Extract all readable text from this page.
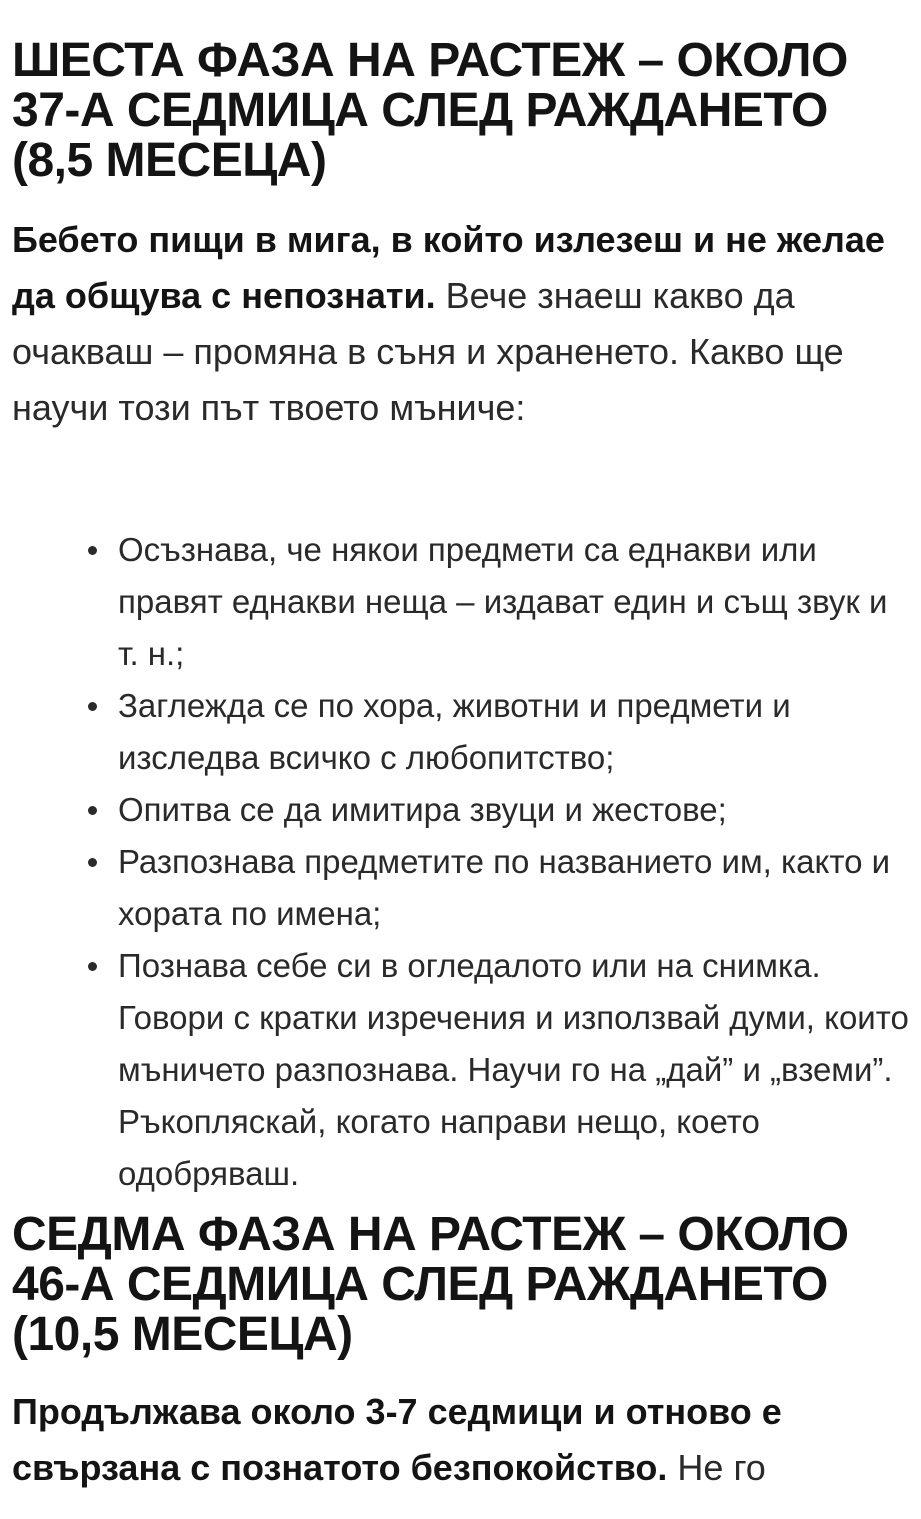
ШЕСТА ФАЗА НА РАСТЕЖ – ОКОЛО 37-А СЕДМИЦА СЛЕД РАЖДАНЕТО (8,5 МЕСЕЦА)

Бебето пищи в мига, в който излезеш и не желае да общува с непознати. Вече знаеш какво да очакваш – промяна в съня и храненето. Какво ще научи този път твоето мъниче:

Осъзнава, че някои предмети са еднакви или правят еднакви неща – издават един и същ звук и т. н.;
Заглежда се по хора, животни и предмети и изследва всичко с любопитство;
Опитва се да имитира звуци и жестове;
Разпознава предметите по названието им, както и хората по имена;
Познава себе си в огледалото или на снимка. Говори с кратки изречения и използвай думи, които мъничето разпознава. Научи го на „дай” и „вземи”. Ръкопляскай, когато направи нещо, което одобряваш.
СЕДМА ФАЗА НА РАСТЕЖ – ОКОЛО 46-А СЕДМИЦА СЛЕД РАЖДАНЕТО (10,5 МЕСЕЦА)

Продължава около 3-7 седмици и отново е свързана с познатото безпокойство. Не го
